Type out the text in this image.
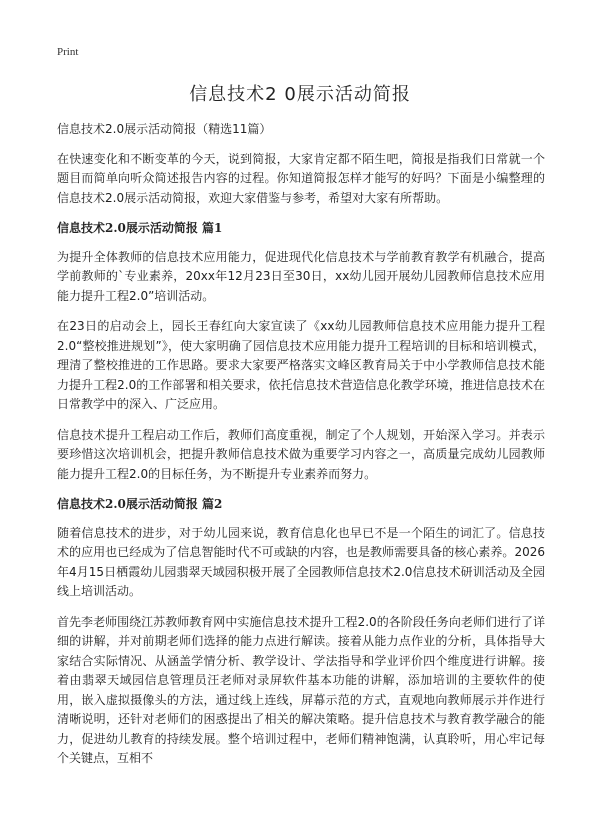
Print
信息技术2 0展示活动简报

信息技术2.0展示活动简报（精选11篇）

在快速变化和不断变革的今天，说到简报，大家肯定都不陌生吧，简报是指我们日常就一个题目而简单向听众简述报告内容的过程。你知道简报怎样才能写的好吗？下面是小编整理的信息技术2.0展示活动简报，欢迎大家借鉴与参考，希望对大家有所帮助。

信息技术2.0展示活动简报 篇1

为提升全体教师的信息技术应用能力，促进现代化信息技术与学前教育教学有机融合，提高学前教师的`专业素养，20xx年12月23日至30日，xx幼儿园开展幼儿园教师信息技术应用能力提升工程2.0”培训活动。

在23日的启动会上，园长王春红向大家宣读了《xx幼儿园教师信息技术应用能力提升工程2.0“整校推进规划”》，使大家明确了园信息技术应用能力提升工程培训的目标和培训模式，理清了整校推进的工作思路。要求大家要严格落实文峰区教育局关于中小学教师信息技术能力提升工程2.0的工作部署和相关要求，依托信息技术营造信息化教学环境，推进信息技术在日常教学中的深入、广泛应用。

信息技术提升工程启动工作后，教师们高度重视，制定了个人规划，开始深入学习。并表示要珍惜这次培训机会，把提升教师信息技术做为重要学习内容之一，高质量完成幼儿园教师能力提升工程2.0的目标任务，为不断提升专业素养而努力。

信息技术2.0展示活动简报 篇2

随着信息技术的进步，对于幼儿园来说，教育信息化也早已不是一个陌生的词汇了。信息技术的应用也已经成为了信息智能时代不可或缺的内容，也是教师需要具备的核心素养。2026年4月15日栖霞幼儿园翡翠天域园积极开展了全园教师信息技术2.0信息技术研训活动及全园线上培训活动。

首先李老师围绕江苏教师教育网中实施信息技术提升工程2.0的各阶段任务向老师们进行了详细的讲解，并对前期老师们选择的能力点进行解读。接着从能力点作业的分析，具体指导大家结合实际情况、从涵盖学情分析、教学设计、学法指导和学业评价四个维度进行讲解。接着由翡翠天域园信息管理员汪老师对录屏软件基本功能的讲解，添加培训的主要软件的使用，嵌入虚拟摄像头的方法，通过线上连线，屏幕示范的方式，直观地向教师展示并作进行清晰说明，还针对老师们的困惑提出了相关的解决策略。提升信息技术与教育教学融合的能力，促进幼儿教育的持续发展。整个培训过程中，老师们精神饱满，认真聆听，用心牢记每个关键点，互相不
